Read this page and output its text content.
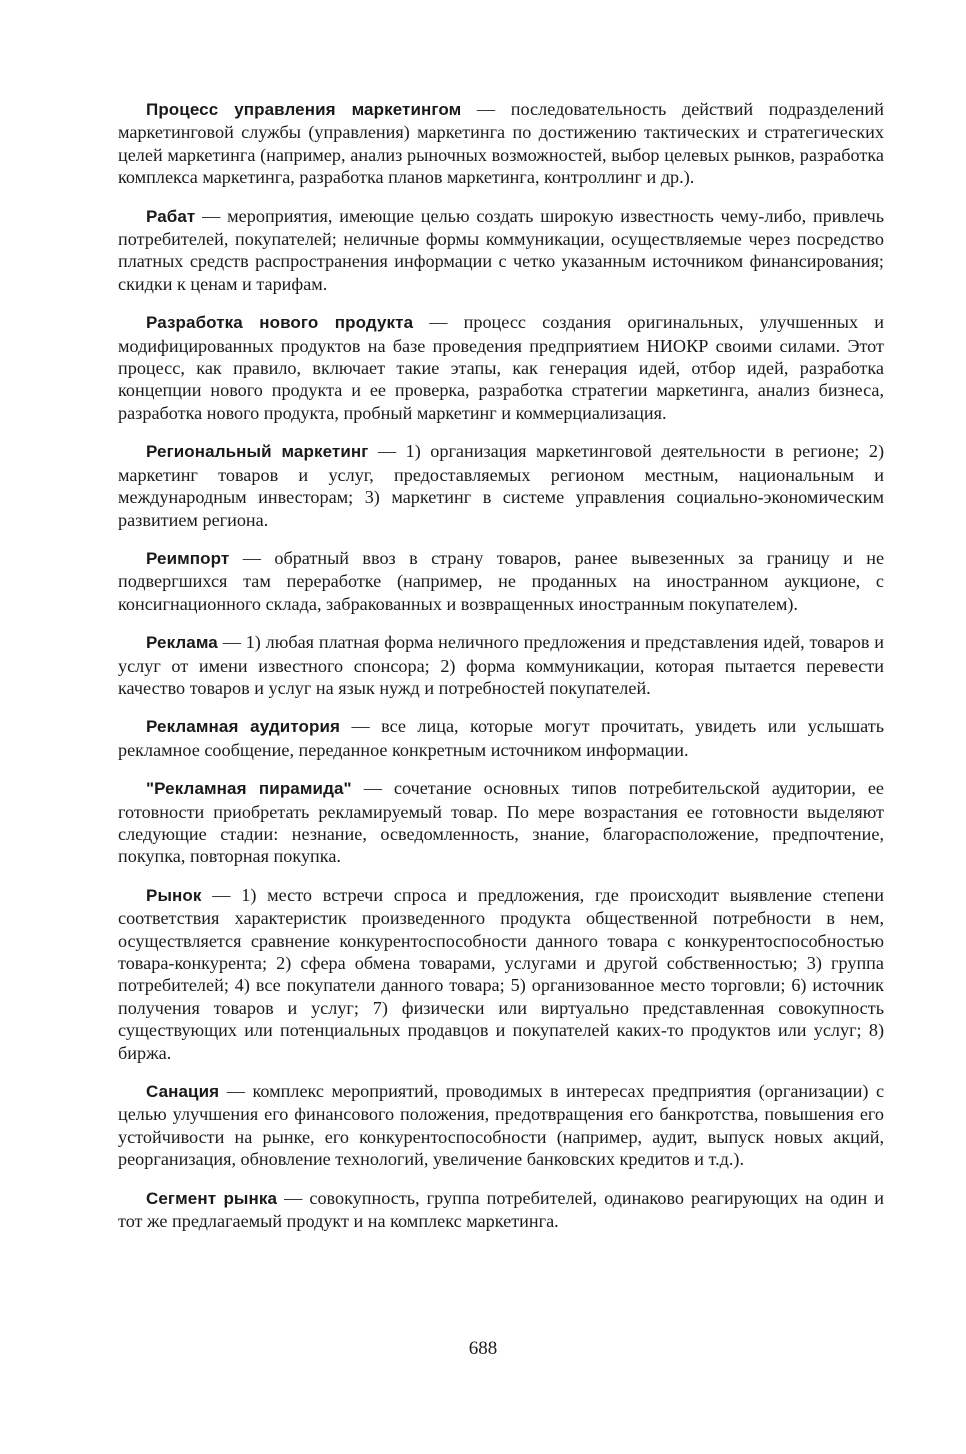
Процесс управления маркетингом — последовательность действий подразделений маркетинговой службы (управления) маркетинга по достижению тактических и стратегических целей маркетинга (например, анализ рыночных возможностей, выбор целевых рынков, разработка комплекса маркетинга, разработка планов маркетинга, контроллинг и др.).

Рабат — мероприятия, имеющие целью создать широкую известность чему-либо, привлечь потребителей, покупателей; неличные формы коммуникации, осуществляемые через посредство платных средств распространения информации с четко указанным источником финансирования; скидки к ценам и тарифам.

Разработка нового продукта — процесс создания оригинальных, улучшенных и модифицированных продуктов на базе проведения предприятием НИОКР своими силами. Этот процесс, как правило, включает такие этапы, как генерация идей, отбор идей, разработка концепции нового продукта и ее проверка, разработка стратегии маркетинга, анализ бизнеса, разработка нового продукта, пробный маркетинг и коммерциализация.

Региональный маркетинг — 1) организация маркетинговой деятельности в регионе; 2) маркетинг товаров и услуг, предоставляемых регионом местным, национальным и международным инвесторам; 3) маркетинг в системе управления социально-экономическим развитием региона.

Реимпорт — обратный ввоз в страну товаров, ранее вывезенных за границу и не подвергшихся там переработке (например, не проданных на иностранном аукционе, с консигнационного склада, забракованных и возвращенных иностранным покупателем).

Реклама — 1) любая платная форма неличного предложения и представления идей, товаров и услуг от имени известного спонсора; 2) форма коммуникации, которая пытается перевести качество товаров и услуг на язык нужд и потребностей покупателей.

Рекламная аудитория — все лица, которые могут прочитать, увидеть или услышать рекламное сообщение, переданное конкретным источником информации.

"Рекламная пирамида" — сочетание основных типов потребительской аудитории, ее готовности приобретать рекламируемый товар. По мере возрастания ее готовности выделяют следующие стадии: незнание, осведомленность, знание, благорасположение, предпочтение, покупка, повторная покупка.

Рынок — 1) место встречи спроса и предложения, где происходит выявление степени соответствия характеристик произведенного продукта общественной потребности в нем, осуществляется сравнение конкурентоспособности данного товара с конкурентоспособностью товара-конкурента; 2) сфера обмена товарами, услугами и другой собственностью; 3) группа потребителей; 4) все покупатели данного товара; 5) организованное место торговли; 6) источник получения товаров и услуг; 7) физически или виртуально представленная совокупность существующих или потенциальных продавцов и покупателей каких-то продуктов или услуг; 8) биржа.

Санация — комплекс мероприятий, проводимых в интересах предприятия (организации) с целью улучшения его финансового положения, предотвращения его банкротства, повышения его устойчивости на рынке, его конкурентоспособности (например, аудит, выпуск новых акций, реорганизация, обновление технологий, увеличение банковских кредитов и т.д.).

Сегмент рынка — совокупность, группа потребителей, одинаково реагирующих на один и тот же предлагаемый продукт и на комплекс маркетинга.

688
